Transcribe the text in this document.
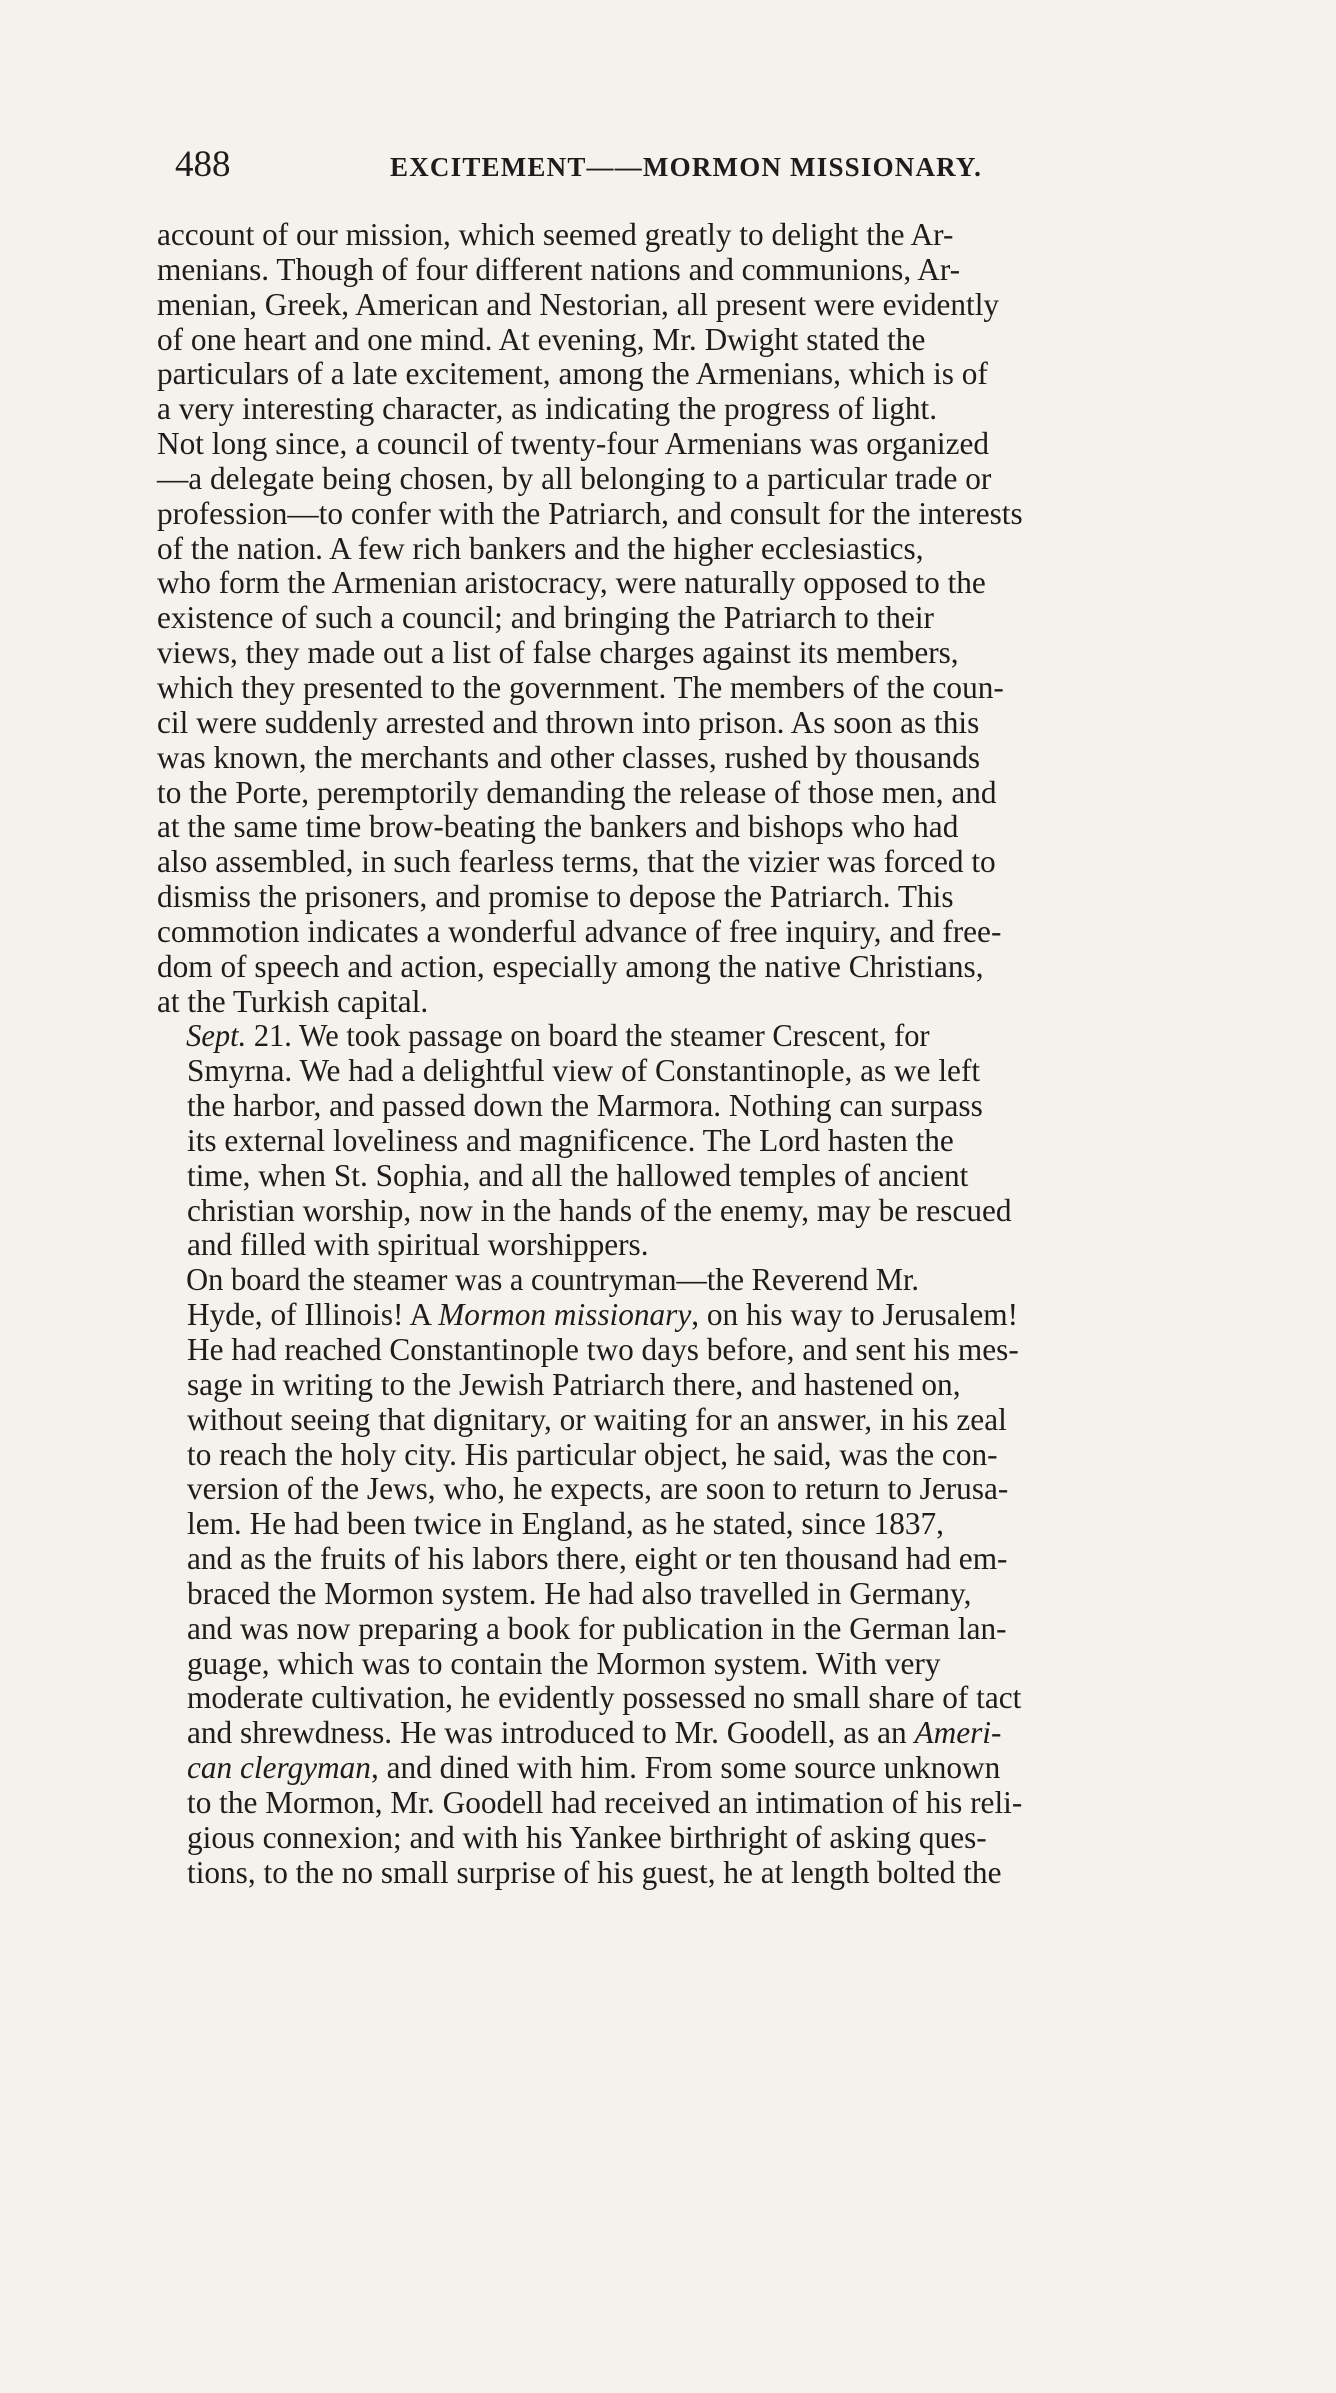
488	EXCITEMENT——MORMON MISSIONARY.

account of our mission, which seemed greatly to delight the Ar-
menians. Though of four different nations and communions, Ar-
menian, Greek, American and Nestorian, all present were evidently
of one heart and one mind. At evening, Mr. Dwight stated the
particulars of a late excitement, among the Armenians, which is of
a very interesting character, as indicating the progress of light.
Not long since, a council of twenty-four Armenians was organized
—a delegate being chosen, by all belonging to a particular trade or
profession—to confer with the Patriarch, and consult for the interests
of the nation. A few rich bankers and the higher ecclesiastics,
who form the Armenian aristocracy, were naturally opposed to the
existence of such a council; and bringing the Patriarch to their
views, they made out a list of false charges against its members,
which they presented to the government. The members of the coun-
cil were suddenly arrested and thrown into prison. As soon as this
was known, the merchants and other classes, rushed by thousands
to the Porte, peremptorily demanding the release of those men, and
at the same time brow-beating the bankers and bishops who had
also assembled, in such fearless terms, that the vizier was forced to
dismiss the prisoners, and promise to depose the Patriarch. This
commotion indicates a wonderful advance of free inquiry, and free-
dom of speech and action, especially among the native Christians,
at the Turkish capital.

Sept. 21. We took passage on board the steamer Crescent, for
Smyrna. We had a delightful view of Constantinople, as we left
the harbor, and passed down the Marmora. Nothing can surpass
its external loveliness and magnificence. The Lord hasten the
time, when St. Sophia, and all the hallowed temples of ancient
christian worship, now in the hands of the enemy, may be rescued
and filled with spiritual worshippers.

On board the steamer was a countryman—the Reverend Mr.
Hyde, of Illinois! A Mormon missionary, on his way to Jerusalem!
He had reached Constantinople two days before, and sent his mes-
sage in writing to the Jewish Patriarch there, and hastened on,
without seeing that dignitary, or waiting for an answer, in his zeal
to reach the holy city. His particular object, he said, was the con-
version of the Jews, who, he expects, are soon to return to Jerusa-
lem. He had been twice in England, as he stated, since 1837,
and as the fruits of his labors there, eight or ten thousand had em-
braced the Mormon system. He had also travelled in Germany,
and was now preparing a book for publication in the German lan-
guage, which was to contain the Mormon system. With very
moderate cultivation, he evidently possessed no small share of tact
and shrewdness. He was introduced to Mr. Goodell, as an Ameri-
can clergyman, and dined with him. From some source unknown
to the Mormon, Mr. Goodell had received an intimation of his reli-
gious connexion; and with his Yankee birthright of asking ques-
tions, to the no small surprise of his guest, he at length bolted the
